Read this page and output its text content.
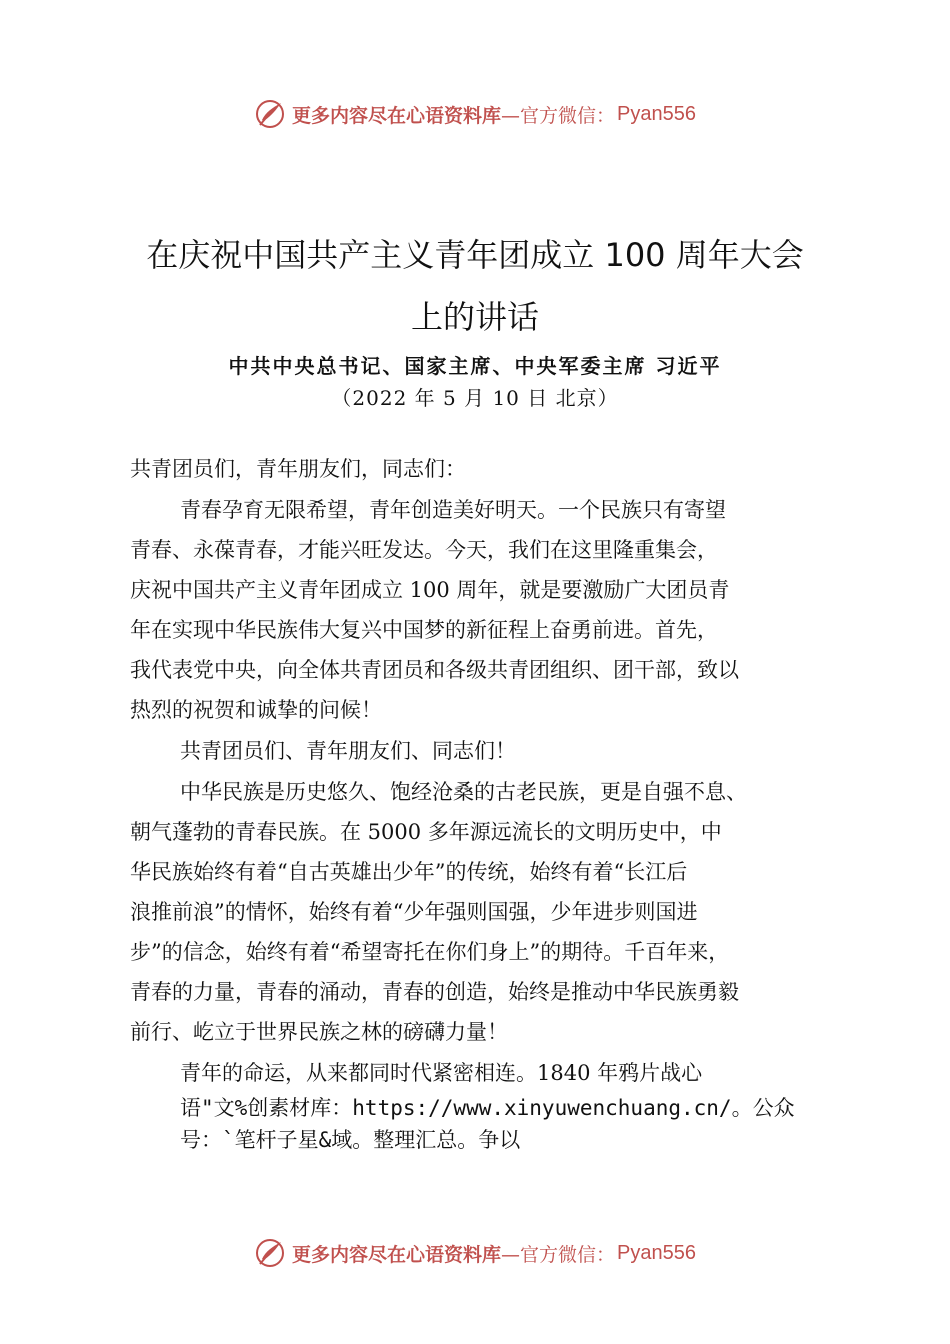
更多内容尽在心语资料库 —官方微信： Pyan556
在庆祝中国共产主义青年团成立 100 周年大会
上的讲话
中共中央总书记、国家主席、中央军委主席 习近平
（2022 年 5 月 10 日 北京）
共青团员们，青年朋友们，同志们：
青春孕育无限希望，青年创造美好明天。一个民族只有寄望
青春、永葆青春，才能兴旺发达。今天，我们在这里隆重集会，
庆祝中国共产主义青年团成立 100 周年，就是要激励广大团员青
年在实现中华民族伟大复兴中国梦的新征程上奋勇前进。首先，
我代表党中央，向全体共青团员和各级共青团组织、团干部，致以
热烈的祝贺和诚挚的问候！
共青团员们、青年朋友们、同志们！
中华民族是历史悠久、饱经沧桑的古老民族，更是自强不息、
朝气蓬勃的青春民族。在 5000 多年源远流长的文明历史中，中
华民族始终有着“自古英雄出少年”的传统，始终有着“长江后
浪推前浪”的情怀，始终有着“少年强则国强，少年进步则国进
步”的信念，始终有着“希望寄托在你们身上”的期待。千百年来，
青春的力量，青春的涌动，青春的创造，始终是推动中华民族勇毅
前行、屹立于世界民族之林的磅礴力量！
青年的命运，从来都同时代紧密相连。1840 年鸦片战心
语"文%创素材库：https://www.xinyuwenchuang.cn/。公众
号：`笔杆子星&域。整理汇总。争以
更多内容尽在心语资料库 —官方微信： Pyan556
